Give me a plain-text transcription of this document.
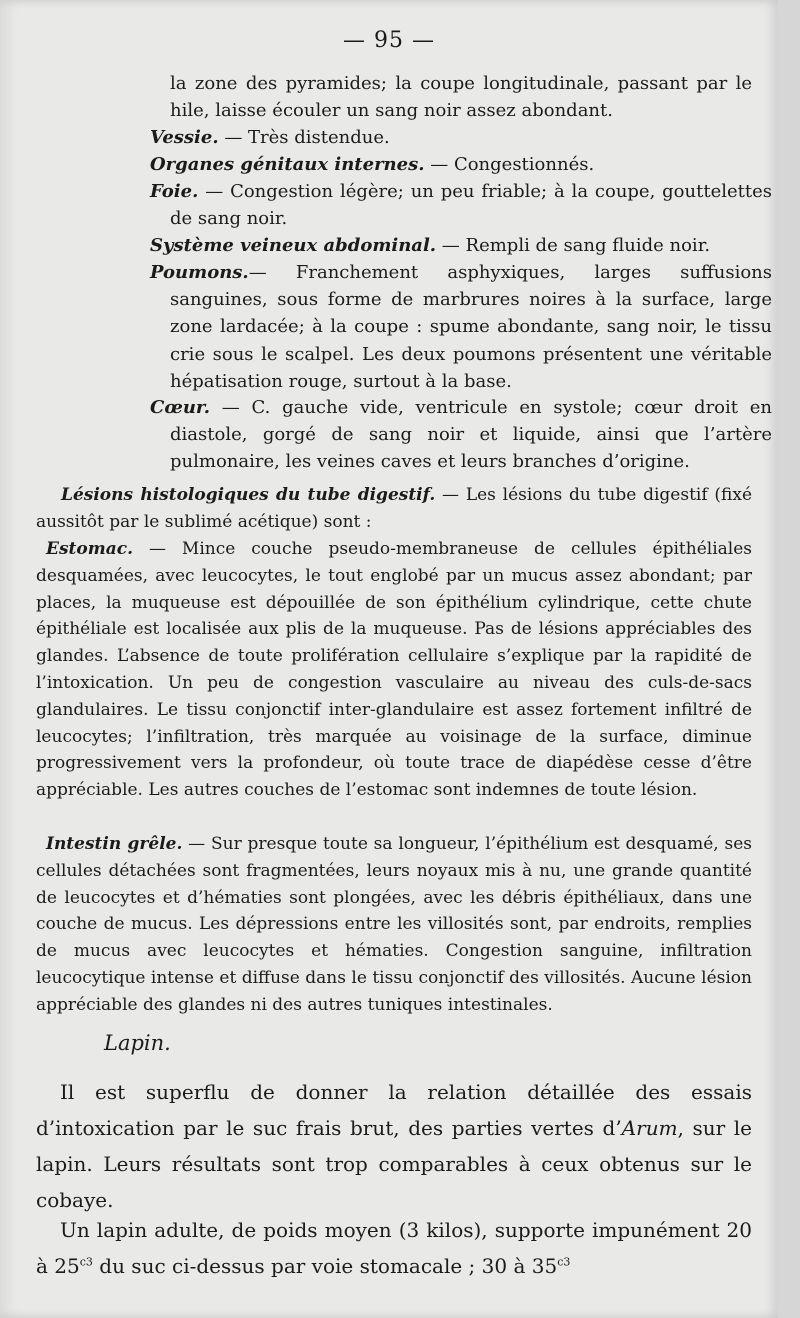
— 95 —

la zone des pyramides; la coupe longitudinale, passant par le hile, laisse écouler un sang noir assez abondant.

Vessie. — Très distendue.

Organes génitaux internes. — Congestionnés.

Foie. — Congestion légère; un peu friable; à la coupe, gouttelettes de sang noir.

Système veineux abdominal. — Rempli de sang fluide noir.

Poumons.— Franchement asphyxiques, larges suffusions sanguines, sous forme de marbrures noires à la surface, large zone lardacée; à la coupe : spume abondante, sang noir, le tissu crie sous le scalpel. Les deux poumons présentent une véritable hépatisation rouge, surtout à la base.

Cœur. — C. gauche vide, ventricule en systole; cœur droit en diastole, gorgé de sang noir et liquide, ainsi que l’artère pulmonaire, les veines caves et leurs branches d’origine.

Lésions histologiques du tube digestif. — Les lésions du tube digestif (fixé aussitôt par le sublimé acétique) sont :

Estomac. — Mince couche pseudo-membraneuse de cellules épithéliales desquamées, avec leucocytes, le tout englobé par un mucus assez abondant; par places, la muqueuse est dépouillée de son épithélium cylindrique, cette chute épithéliale est localisée aux plis de la muqueuse. Pas de lésions appréciables des glandes. L’absence de toute prolifération cellulaire s’explique par la rapidité de l’intoxication. Un peu de congestion vasculaire au niveau des culs-de-sacs glandulaires. Le tissu conjonctif inter-glandulaire est assez fortement infiltré de leucocytes; l’infiltration, très marquée au voisinage de la surface, diminue progressivement vers la profondeur, où toute trace de diapédèse cesse d’être appréciable. Les autres couches de l’estomac sont indemnes de toute lésion.

Intestin grêle. — Sur presque toute sa longueur, l’épithélium est desquamé, ses cellules détachées sont fragmentées, leurs noyaux mis à nu, une grande quantité de leucocytes et d’hématies sont plongées, avec les débris épithéliaux, dans une couche de mucus. Les dépressions entre les villosités sont, par endroits, remplies de mucus avec leucocytes et hématies. Congestion sanguine, infiltration leucocytique intense et diffuse dans le tissu conjonctif des villosités. Aucune lésion appréciable des glandes ni des autres tuniques intestinales.

Lapin.

Il est superflu de donner la relation détaillée des essais d’intoxication par le suc frais brut, des parties vertes d’Arum, sur le lapin. Leurs résultats sont trop comparables à ceux obtenus sur le cobaye.

Un lapin adulte, de poids moyen (3 kilos), supporte impunément 20 à $25^{c3}$ du suc ci-dessus par voie stomacale ; 30 à $35^{c3}$
